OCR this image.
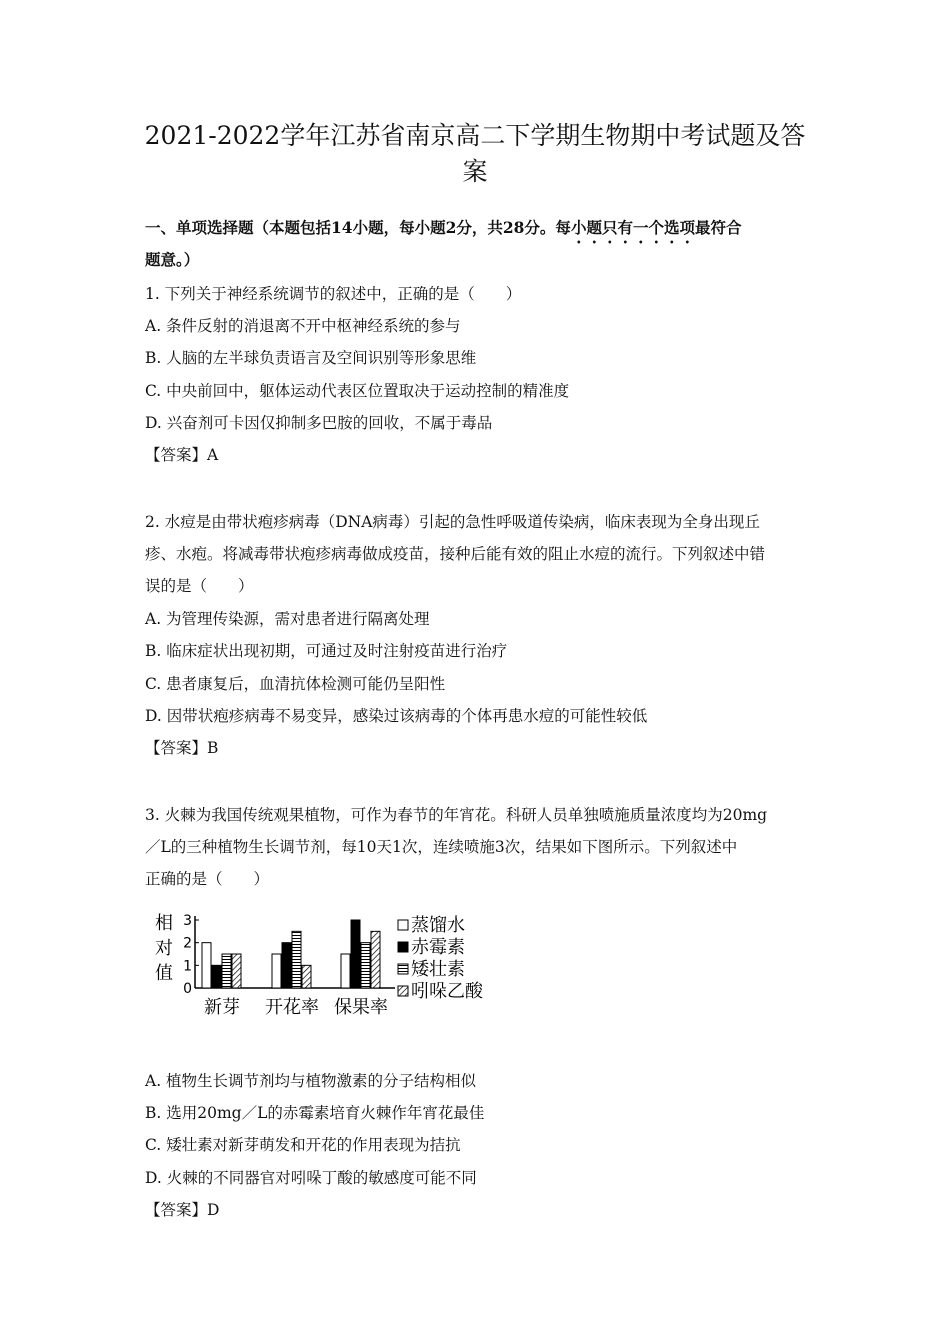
2021-2022学年江苏省南京高二下学期生物期中考试题及答
案
一、单项选择题（本题包括14小题，每小题2分，共28分。每小题只有一个选项最符合
题意。）
1. 下列关于神经系统调节的叙述中，正确的是（　　）
A. 条件反射的消退离不开中枢神经系统的参与
B. 人脑的左半球负责语言及空间识别等形象思维
C. 中央前回中，躯体运动代表区位置取决于运动控制的精准度
D. 兴奋剂可卡因仅抑制多巴胺的回收，不属于毒品
【答案】A
2. 水痘是由带状疱疹病毒（DNA病毒）引起的急性呼吸道传染病，临床表现为全身出现丘
疹、水疱。将减毒带状疱疹病毒做成疫苗，接种后能有效的阻止水痘的流行。下列叙述中错
误的是（　　）
A. 为管理传染源，需对患者进行隔离处理
B. 临床症状出现初期，可通过及时注射疫苗进行治疗
C. 患者康复后，血清抗体检测可能仍呈阳性
D. 因带状疱疹病毒不易变异，感染过该病毒的个体再患水痘的可能性较低
【答案】B
3. 火棘为我国传统观果植物，可作为春节的年宵花。科研人员单独喷施质量浓度均为20mg
／L的三种植物生长调节剂，每10天1次，连续喷施3次，结果如下图所示。下列叙述中
正确的是（　　）
相
对
值
0
1
2
3
新芽 开花率 保果率
蒸馏水
赤霉素
矮壮素
吲哚乙酸
A. 植物生长调节剂均与植物激素的分子结构相似
B. 选用20mg／L的赤霉素培育火棘作年宵花最佳
C. 矮壮素对新芽萌发和开花的作用表现为拮抗
D. 火棘的不同器官对吲哚丁酸的敏感度可能不同
【答案】D
